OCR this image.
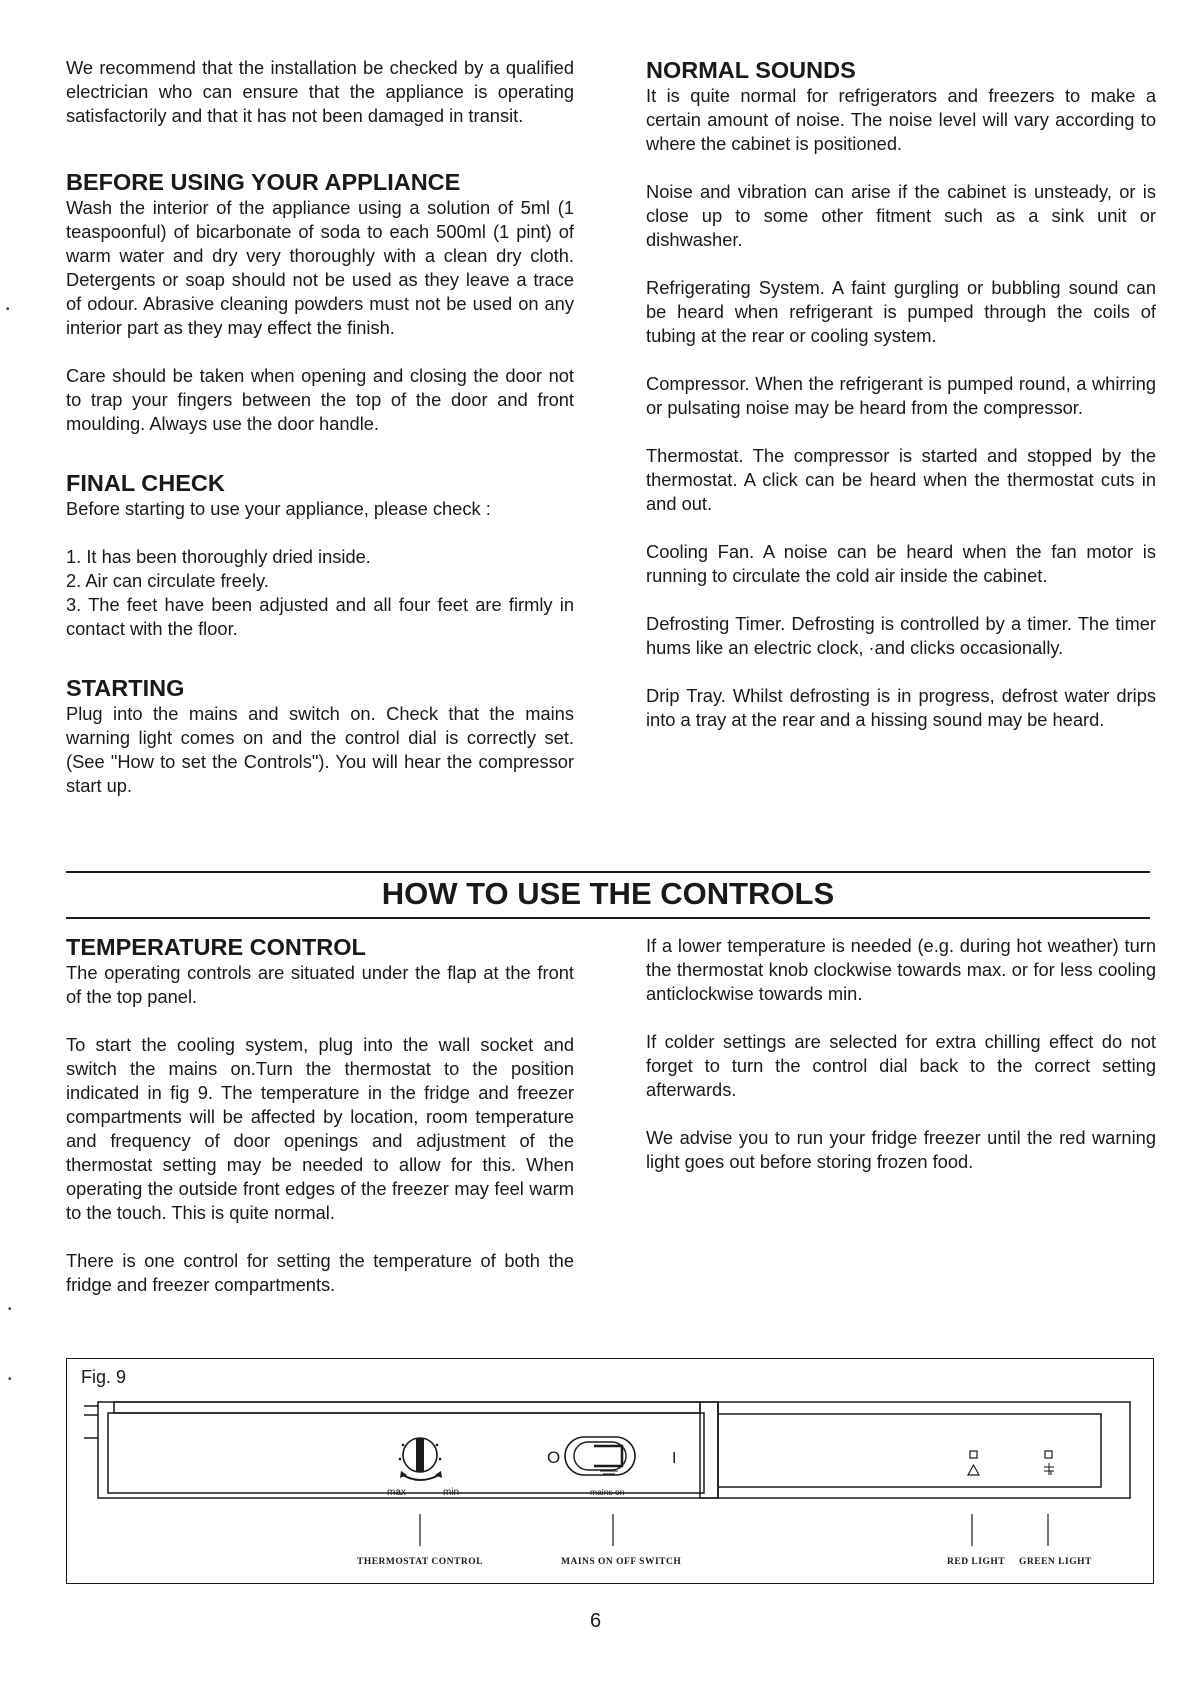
We recommend that the installation be checked by a qualified electrician who can ensure that the appliance is operating satisfactorily and that it has not been damaged in transit.

BEFORE USING YOUR APPLIANCE

Wash the interior of the appliance using a solution of 5ml (1 teaspoonful) of bicarbonate of soda to each 500ml (1 pint) of warm water and dry very thoroughly with a clean dry cloth. Detergents or soap should not be used as they leave a trace of odour. Abrasive cleaning powders must not be used on any interior part as they may effect the finish.

Care should be taken when opening and closing the door not to trap your fingers between the top of the door and front moulding. Always use the door handle.

FINAL CHECK

Before starting to use your appliance, please check :

1. It has been thoroughly dried inside.

2. Air can circulate freely.

3. The feet have been adjusted and all four feet are firmly in contact with the floor.

STARTING

Plug into the mains and switch on. Check that the mains warning light comes on and the control dial is correctly set. (See "How to set the Controls"). You will hear the compressor start up.

NORMAL SOUNDS

It is quite normal for refrigerators and freezers to make a certain amount of noise. The noise level will vary according to where the cabinet is positioned.

Noise and vibration can arise if the cabinet is unsteady, or is close up to some other fitment such as a sink unit or dishwasher.

Refrigerating System. A faint gurgling or bubbling sound can be heard when refrigerant is pumped through the coils of tubing at the rear or cooling system.

Compressor. When the refrigerant is pumped round, a whirring or pulsating noise may be heard from the compressor.

Thermostat. The compressor is started and stopped by the thermostat. A click can be heard when the thermostat cuts in and out.

Cooling Fan. A noise can be heard when the fan motor is running to circulate the cold air inside the cabinet.

Defrosting Timer. Defrosting is controlled by a timer. The timer hums like an electric clock, ·and clicks occasionally.

Drip Tray. Whilst defrosting is in progress, defrost water drips into a tray at the rear and a hissing sound may be heard.

HOW TO USE THE CONTROLS
TEMPERATURE CONTROL

The operating controls are situated under the flap at the front of the top panel.

To start the cooling system, plug into the wall socket and switch the mains on.Turn the thermostat to the position indicated in fig 9. The temperature in the fridge and freezer compartments will be affected by location, room temperature and frequency of door openings and adjustment of the thermostat setting may be needed to allow for this. When operating the outside front edges of the freezer may feel warm to the touch. This is quite normal.

There is one control for setting the temperature of both the fridge and freezer compartments.

If a lower temperature is needed (e.g. during hot weather) turn the thermostat knob clockwise towards max. or for less cooling anticlockwise towards min.

If colder settings are selected for extra chilling effect do not forget to turn the control dial back to the correct setting afterwards.

We advise you to run your fridge freezer until the red warning light goes out before storing frozen food.

•
•
•	Fig. 9
max	min
O	I
mains on
THERMOSTAT CONTROL	MAINS ON OFF SWITCH	RED LIGHT GREEN LIGHT
6
